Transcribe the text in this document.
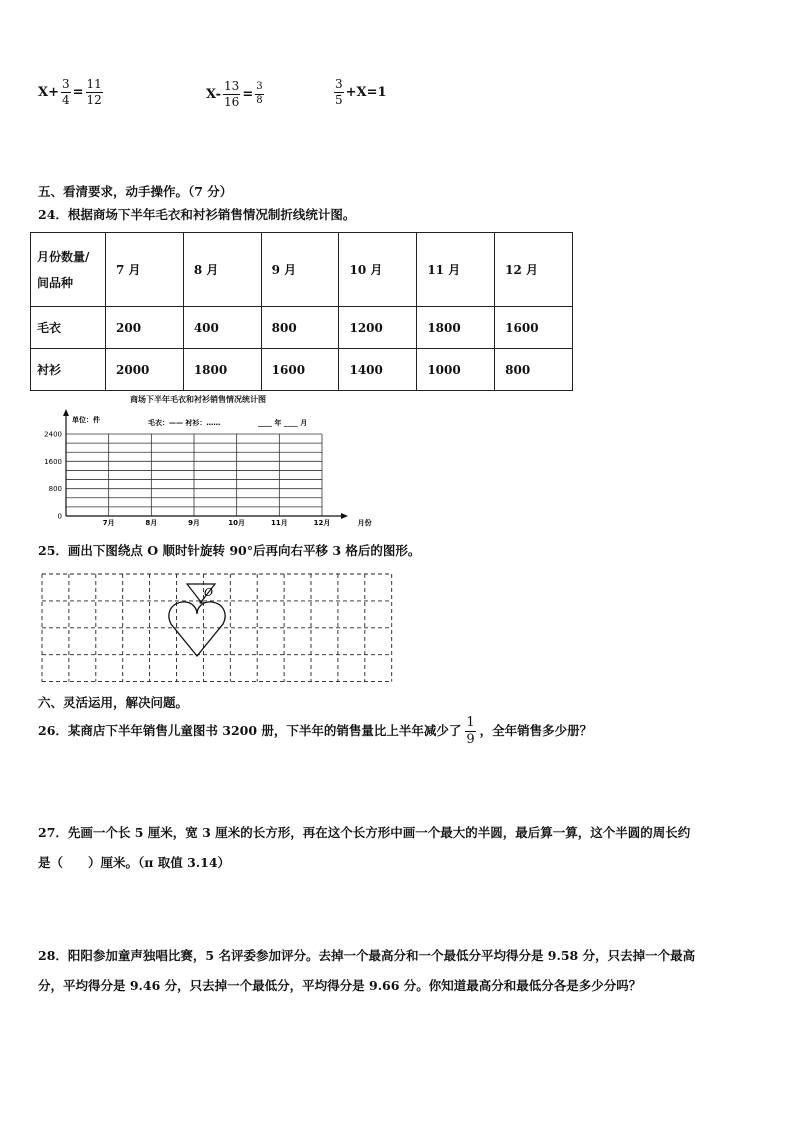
$X+ \frac{3}{4} = \frac{11}{12}$	$X- \frac{13}{16} = \frac{3}{8}$	$\frac{3}{5} +X=1$
五、看清要求，动手操作。（7 分）
24．根据商场下半年毛衣和衬衫销售情况制折线统计图。
月份数量/
间品种	7 月	8 月	9 月	10 月	11 月	12 月
毛衣	200	400	800	1200	1800	1600
衬衫	2000	1800	1600	1400	1000	800
商场下半年毛衣和衬衫销售情况统计图
单位：件	毛衣：—— 衬衫：……	____ 年 ____ 月
2400
1600
800
0
7月	8月	9月	10月	11月	12月	月份
25．画出下图绕点 O 顺时针旋转 90°后再向右平移 3 格后的图形。
O
六、灵活运用，解决问题。
26．某商店下半年销售儿童图书 3200 册，下半年的销售量比上半年减少了 $\frac{1}{9}$ ，全年销售多少册？
27．先画一个长 5 厘米，宽 3 厘米的长方形，再在这个长方形中画一个最大的半圆，最后算一算，这个半圆的周长约
是（　　）厘米。（π 取值 3.14）
28．阳阳参加童声独唱比赛，5 名评委参加评分。去掉一个最高分和一个最低分平均得分是 9.58 分，只去掉一个最高
分，平均得分是 9.46 分，只去掉一个最低分，平均得分是 9.66 分。你知道最高分和最低分各是多少分吗？
